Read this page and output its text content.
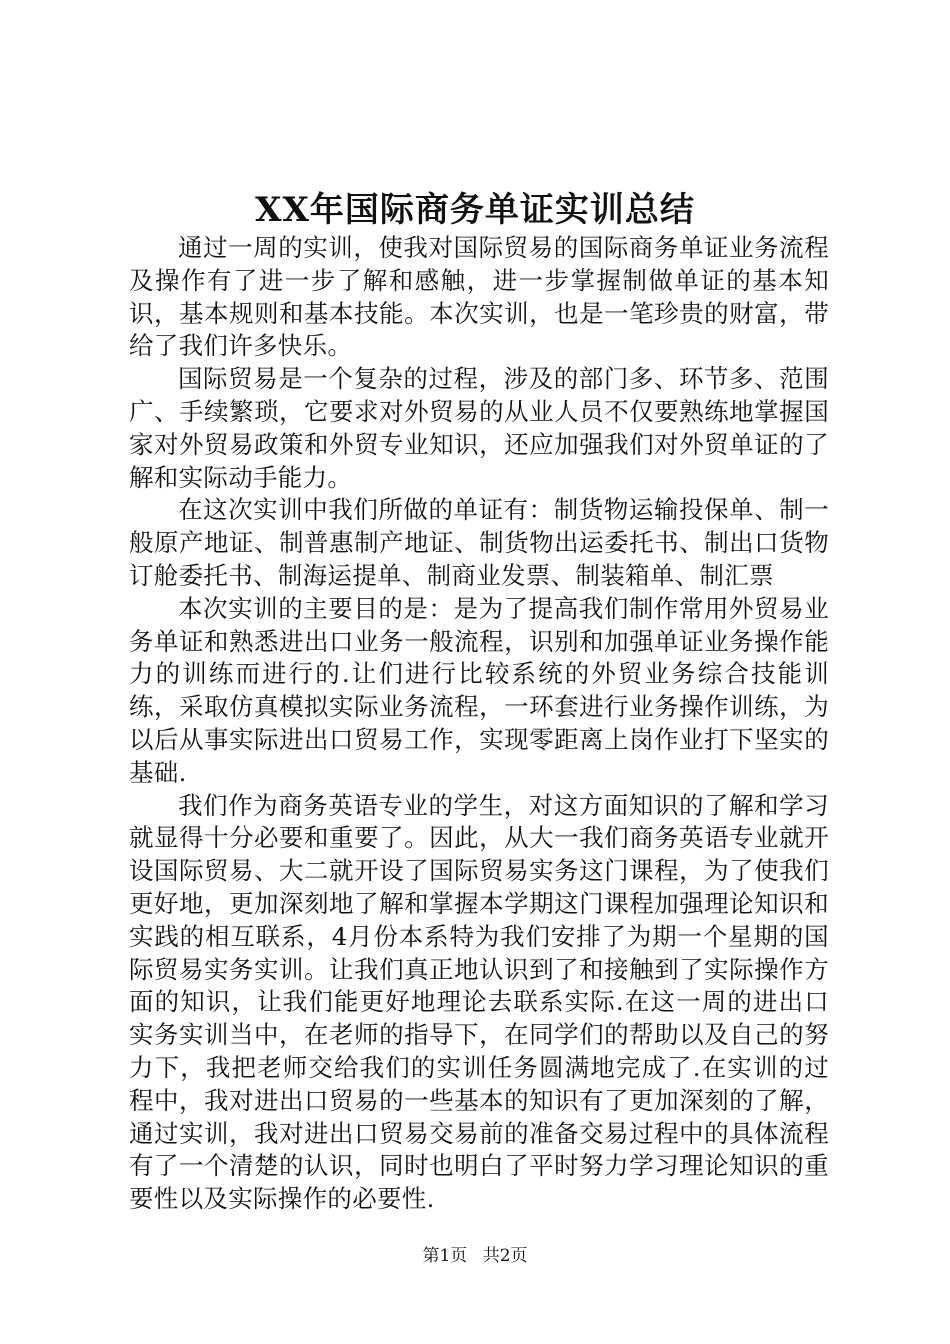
XX年国际商务单证实训总结

通过一周的实训，使我对国际贸易的国际商务单证业务流程及操作有了进一步了解和感触，进一步掌握制做单证的基本知识，基本规则和基本技能。本次实训，也是一笔珍贵的财富，带给了我们许多快乐。

国际贸易是一个复杂的过程，涉及的部门多、环节多、范围广、手续繁琐，它要求对外贸易的从业人员不仅要熟练地掌握国家对外贸易政策和外贸专业知识，还应加强我们对外贸单证的了解和实际动手能力。

在这次实训中我们所做的单证有：制货物运输投保单、制一般原产地证、制普惠制产地证、制货物出运委托书、制出口货物订舱委托书、制海运提单、制商业发票、制装箱单、制汇票

本次实训的主要目的是：是为了提高我们制作常用外贸易业务单证和熟悉进出口业务一般流程，识别和加强单证业务操作能力的训练而进行的.让们进行比较系统的外贸业务综合技能训练，采取仿真模拟实际业务流程，一环套进行业务操作训练，为以后从事实际进出口贸易工作，实现零距离上岗作业打下坚实的基础.

我们作为商务英语专业的学生，对这方面知识的了解和学习就显得十分必要和重要了。因此，从大一我们商务英语专业就开设国际贸易、大二就开设了国际贸易实务这门课程，为了使我们更好地，更加深刻地了解和掌握本学期这门课程加强理论知识和实践的相互联系，4月份本系特为我们安排了为期一个星期的国际贸易实务实训。让我们真正地认识到了和接触到了实际操作方面的知识，让我们能更好地理论去联系实际.在这一周的进出口实务实训当中，在老师的指导下，在同学们的帮助以及自己的努力下，我把老师交给我们的实训任务圆满地完成了.在实训的过程中，我对进出口贸易的一些基本的知识有了更加深刻的了解，通过实训，我对进出口贸易交易前的准备交易过程中的具体流程有了一个清楚的认识，同时也明白了平时努力学习理论知识的重要性以及实际操作的必要性.

第1页 共2页
